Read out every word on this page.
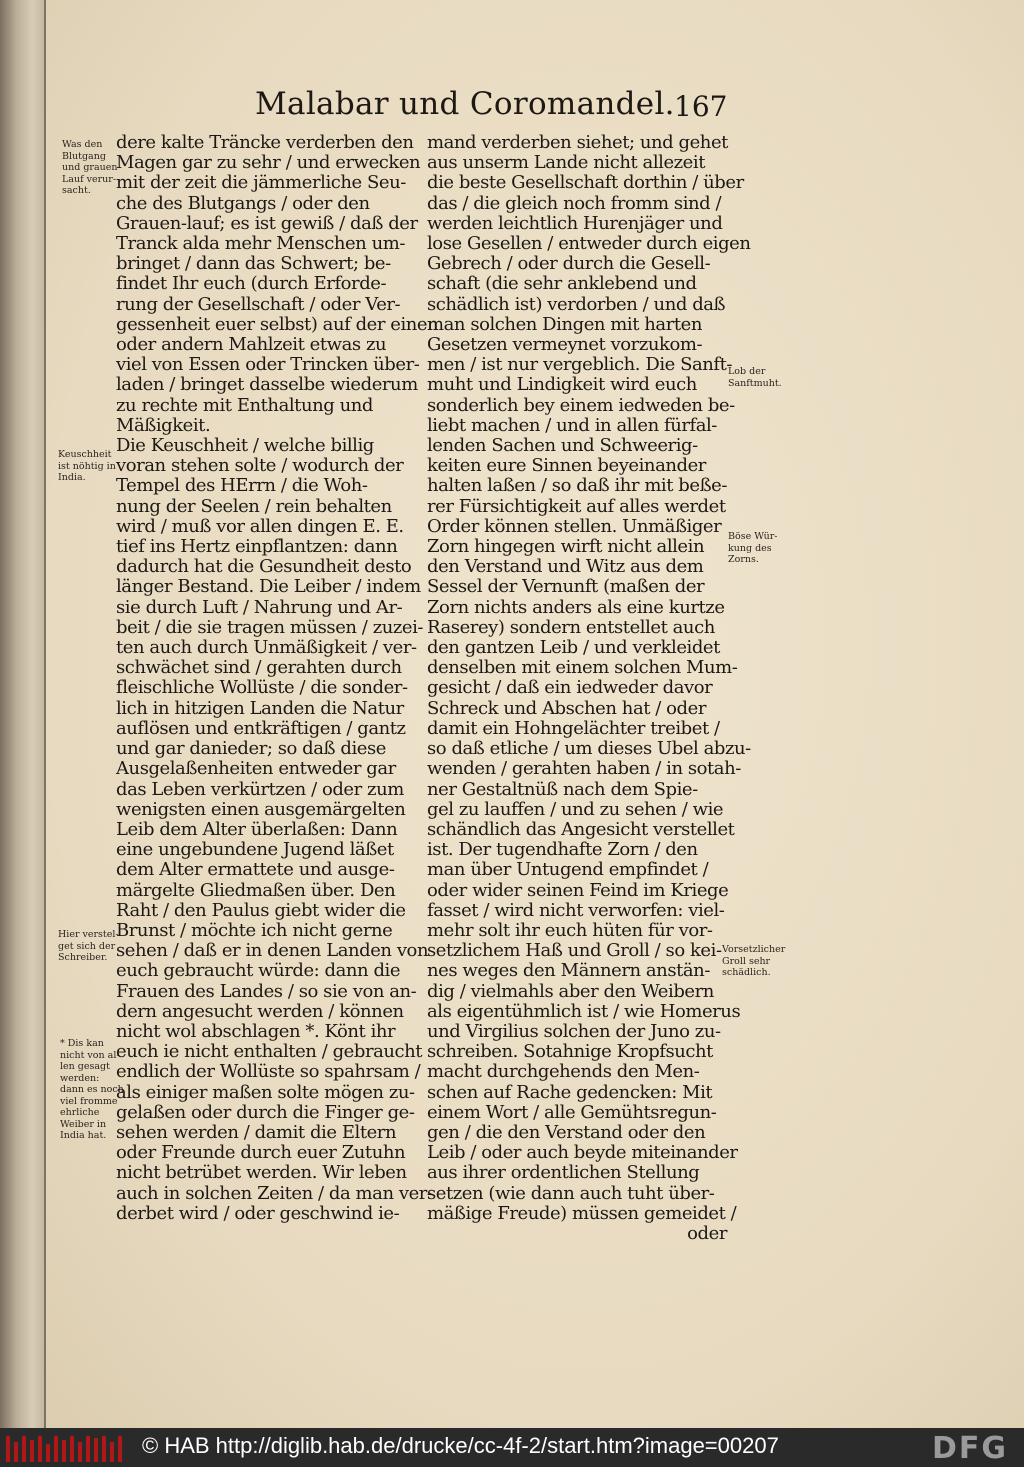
Malabar und Coromandel. 167
Was den
Blutgang
und grauen
Lauf verur-
sacht.
Keuschheit
ist nöhtig in
India.
Hier verstel-
get sich der
Schreiber.
* Dis kan
nicht von al-
len gesagt
werden:
dann es noch
viel fromme
ehrliche
Weiber in
India hat.
Lob der
Sanftmuht.
Böse Wür-
kung des
Zorns.
Vorsetzlicher
Groll sehr
schädlich.
dere kalte Träncke verderben den
Magen gar zu sehr / und erwecken
mit der zeit die jämmerliche Seu-
che des Blutgangs / oder den
Grauen-lauf; es ist gewiß / daß der
Tranck alda mehr Menschen um-
bringet / dann das Schwert; be-
findet Ihr euch (durch Erforde-
rung der Gesellschaft / oder Ver-
gessenheit euer selbst) auf der einen
oder andern Mahlzeit etwas zu
viel von Essen oder Trincken über-
laden / bringet dasselbe wiederum
zu rechte mit Enthaltung und
Mäßigkeit.
Die Keuschheit / welche billig
voran stehen solte / wodurch der
Tempel des HErrn / die Woh-
nung der Seelen / rein behalten
wird / muß vor allen dingen E. E.
tief ins Hertz einpflantzen: dann
dadurch hat die Gesundheit desto
länger Bestand. Die Leiber / indem
sie durch Luft / Nahrung und Ar-
beit / die sie tragen müssen / zuzei-
ten auch durch Unmäßigkeit / ver-
schwächet sind / gerahten durch
fleischliche Wollüste / die sonder-
lich in hitzigen Landen die Natur
auflösen und entkräftigen / gantz
und gar danieder; so daß diese
Ausgelaßenheiten entweder gar
das Leben verkürtzen / oder zum
wenigsten einen ausgemärgelten
Leib dem Alter überlaßen: Dann
eine ungebundene Jugend läßet
dem Alter ermattete und ausge-
märgelte Gliedmaßen über. Den
Raht / den Paulus giebt wider die
Brunst / möchte ich nicht gerne
sehen / daß er in denen Landen von
euch gebraucht würde: dann die
Frauen des Landes / so sie von an-
dern angesucht werden / können
nicht wol abschlagen *. Könt ihr
euch ie nicht enthalten / gebraucht
endlich der Wollüste so spahrsam /
als einiger maßen solte mögen zu-
gelaßen oder durch die Finger ge-
sehen werden / damit die Eltern
oder Freunde durch euer Zutuhn
nicht betrübet werden. Wir leben
auch in solchen Zeiten / da man ver-
derbet wird / oder geschwind ie-
mand verderben siehet; und gehet
aus unserm Lande nicht allezeit
die beste Gesellschaft dorthin / über
das / die gleich noch fromm sind /
werden leichtlich Hurenjäger und
lose Gesellen / entweder durch eigen
Gebrech / oder durch die Gesell-
schaft (die sehr anklebend und
schädlich ist) verdorben / und daß
man solchen Dingen mit harten
Gesetzen vermeynet vorzukom-
men / ist nur vergeblich. Die Sanft-
muht und Lindigkeit wird euch
sonderlich bey einem iedweden be-
liebt machen / und in allen fürfal-
lenden Sachen und Schweerig-
keiten eure Sinnen beyeinander
halten laßen / so daß ihr mit beße-
rer Fürsichtigkeit auf alles werdet
Order können stellen. Unmäßiger
Zorn hingegen wirft nicht allein
den Verstand und Witz aus dem
Sessel der Vernunft (maßen der
Zorn nichts anders als eine kurtze
Raserey) sondern entstellet auch
den gantzen Leib / und verkleidet
denselben mit einem solchen Mum-
gesicht / daß ein iedweder davor
Schreck und Abschen hat / oder
damit ein Hohngelächter treibet /
so daß etliche / um dieses Ubel abzu-
wenden / gerahten haben / in sotah-
ner Gestaltnüß nach dem Spie-
gel zu lauffen / und zu sehen / wie
schändlich das Angesicht verstellet
ist. Der tugendhafte Zorn / den
man über Untugend empfindet /
oder wider seinen Feind im Kriege
fasset / wird nicht verworfen: viel-
mehr solt ihr euch hüten für vor-
setzlichem Haß und Groll / so kei-
nes weges den Männern anstän-
dig / vielmahls aber den Weibern
als eigentühmlich ist / wie Homerus
und Virgilius solchen der Juno zu-
schreiben. Sotahnige Kropfsucht
macht durchgehends den Men-
schen auf Rache gedencken: Mit
einem Wort / alle Gemühtsregun-
gen / die den Verstand oder den
Leib / oder auch beyde miteinander
aus ihrer ordentlichen Stellung
setzen (wie dann auch tuht über-
mäßige Freude) müssen gemeidet /
oder
© HAB http://diglib.hab.de/drucke/cc-4f-2/start.htm?image=00207	DFG
